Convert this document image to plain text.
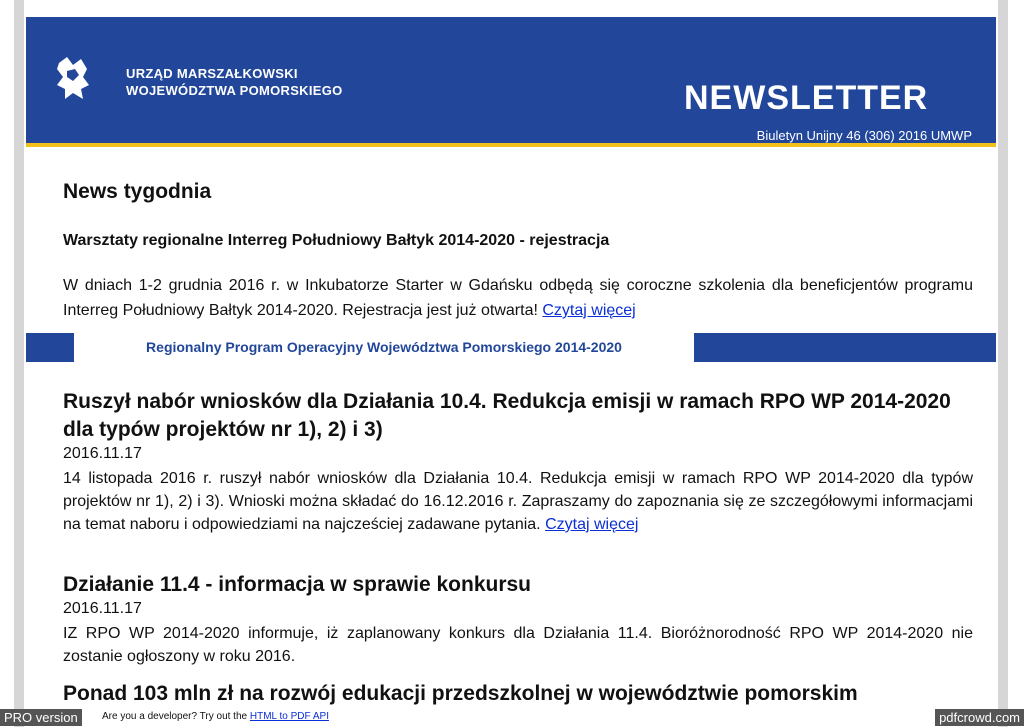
URZĄD MARSZAŁKOWSKI
WOJEWÓDZTWA POMORSKIEGO	NEWSLETTER
Biuletyn Unijny 46 (306) 2016 UMWP
News tygodnia
Warsztaty regionalne Interreg Południowy Bałtyk 2014-2020 - rejestracja
W dniach 1-2 grudnia 2016 r. w Inkubatorze Starter w Gdańsku odbędą się coroczne szkolenia dla beneficjentów programu Interreg Południowy Bałtyk 2014-2020. Rejestracja jest już otwarta! Czytaj więcej
Regionalny Program Operacyjny Województwa Pomorskiego 2014-2020
Ruszył nabór wniosków dla Działania 10.4. Redukcja emisji w ramach RPO WP 2014-2020 dla typów projektów nr 1), 2) i 3)
2016.11.17
14 listopada 2016 r. ruszył nabór wniosków dla Działania 10.4. Redukcja emisji w ramach RPO WP 2014-2020 dla typów projektów nr 1), 2) i 3). Wnioski można składać do 16.12.2016 r. Zapraszamy do zapoznania się ze szczegółowymi informacjami na temat naboru i odpowiedziami na najcześciej zadawane pytania. Czytaj więcej
Działanie 11.4 - informacja w sprawie konkursu
2016.11.17
IZ RPO WP 2014-2020 informuje, iż zaplanowany konkurs dla Działania 11.4. Bioróżnorodność RPO WP 2014-2020 nie zostanie ogłoszony w roku 2016.
Ponad 103 mln zł na rozwój edukacji przedszkolnej w województwie pomorskim
PRO version	Are you a developer? Try out the HTML to PDF API	pdfcrowd.com
